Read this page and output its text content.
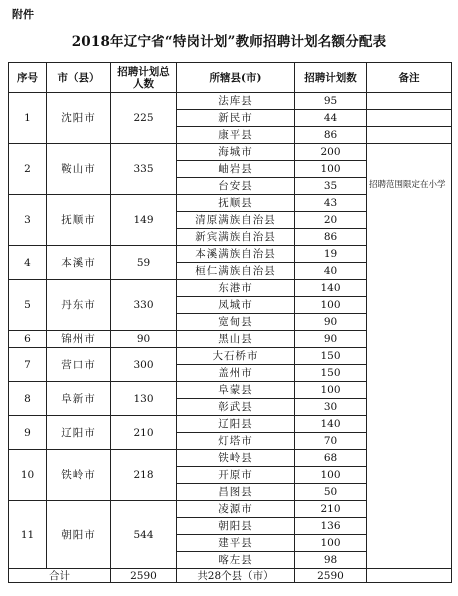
附件
2018年辽宁省“特岗计划”教师招聘计划名额分配表
序号	市（县）	招聘计划总人数	所辖县(市)	招聘计划数	备注
1	沈阳市	225	法库县	95	
			新民市	44	
			康平县	86	
2	鞍山市	335	海城市	200	招聘范围限定在小学
			岫岩县	100	
			台安县	35	
3	抚顺市	149	抚顺县	43	
			清原满族自治县	20	
			新宾满族自治县	86	
4	本溪市	59	本溪满族自治县	19	
			桓仁满族自治县	40	
5	丹东市	330	东港市	140	
			凤城市	100	
			宽甸县	90	
6	锦州市	90	黑山县	90	
7	营口市	300	大石桥市	150	
			盖州市	150	
8	阜新市	130	阜蒙县	100	
			彰武县	30	
9	辽阳市	210	辽阳县	140	
			灯塔市	70	
10	铁岭市	218	铁岭县	68	
			开原市	100	
			昌图县	50	
11	朝阳市	544	凌源市	210	
			朝阳县	136	
			建平县	100	
			喀左县	98	
合计		2590	共28个县（市）	2590	
